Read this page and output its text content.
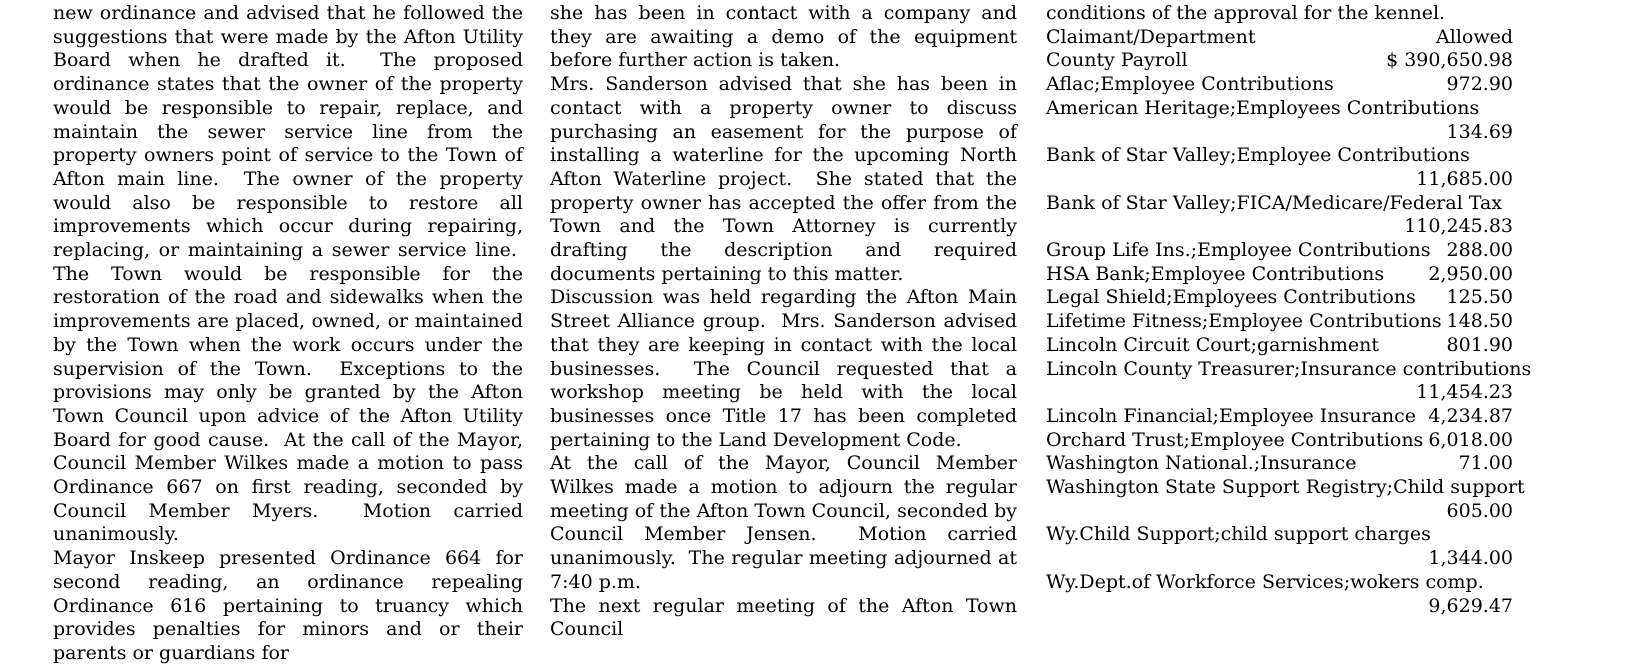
new ordinance and advised that he followed the suggestions that were made by the Afton Utility Board when he drafted it.  The proposed ordinance states that the owner of the property would be responsible to repair, replace, and maintain the sewer service line from the property owners point of service to the Town of Afton main line.  The owner of the property would also be responsible to restore all improvements which occur during repairing, replacing, or maintaining a sewer service line.  The Town would be responsible for the restoration of the road and sidewalks when the improvements are placed, owned, or maintained by the Town when the work occurs under the supervision of the Town.  Exceptions to the provisions may only be granted by the Afton Town Council upon advice of the Afton Utility Board for good cause.  At the call of the Mayor, Council Member Wilkes made a motion to pass Ordinance 667 on first reading, seconded by Council Member Myers.  Motion carried unanimously.

Mayor Inskeep presented Ordinance 664 for second reading, an ordinance repealing Ordinance 616 pertaining to truancy which provides penalties for minors and or their parents or guardians for

she has been in contact with a company and they are awaiting a demo of the equipment before further action is taken.

Mrs. Sanderson advised that she has been in contact with a property owner to discuss purchasing an easement for the purpose of installing a waterline for the upcoming North Afton Waterline project.  She stated that the property owner has accepted the offer from the Town and the Town Attorney is currently drafting the description and required documents pertaining to this matter.

Discussion was held regarding the Afton Main Street Alliance group.  Mrs. Sanderson advised that they are keeping in contact with the local businesses.  The Council requested that a workshop meeting be held with the local businesses once Title 17 has been completed pertaining to the Land Development Code.

At the call of the Mayor, Council Member Wilkes made a motion to adjourn the regular meeting of the Afton Town Council, seconded by Council Member Jensen.  Motion carried unanimously.  The regular meeting adjourned at 7:40 p.m.

The next regular meeting of the Afton Town Council

conditions of the approval for the kennel.

Claimant/Department	Allowed
County Payroll	$ 390,650.98
Aflac;Employee Contributions	972.90
American Heritage;Employees Contributions
134.69
Bank of Star Valley;Employee Contributions
11,685.00
Bank of Star Valley;FICA/Medicare/Federal Tax
110,245.83
Group Life Ins.;Employee Contributions 288.00
HSA Bank;Employee Contributions 2,950.00
Legal Shield;Employees Contributions 125.50
Lifetime Fitness;Employee Contributions 148.50
Lincoln Circuit Court;garnishment	801.90
Lincoln County Treasurer;Insurance contributions
11,454.23
Lincoln Financial;Employee Insurance 4,234.87
Orchard Trust;Employee Contributions 6,018.00
Washington National.;Insurance	71.00
Washington State Support Registry;Child support
605.00
Wy.Child Support;child support charges
1,344.00
Wy.Dept.of Workforce Services;wokers comp.
9,629.47
